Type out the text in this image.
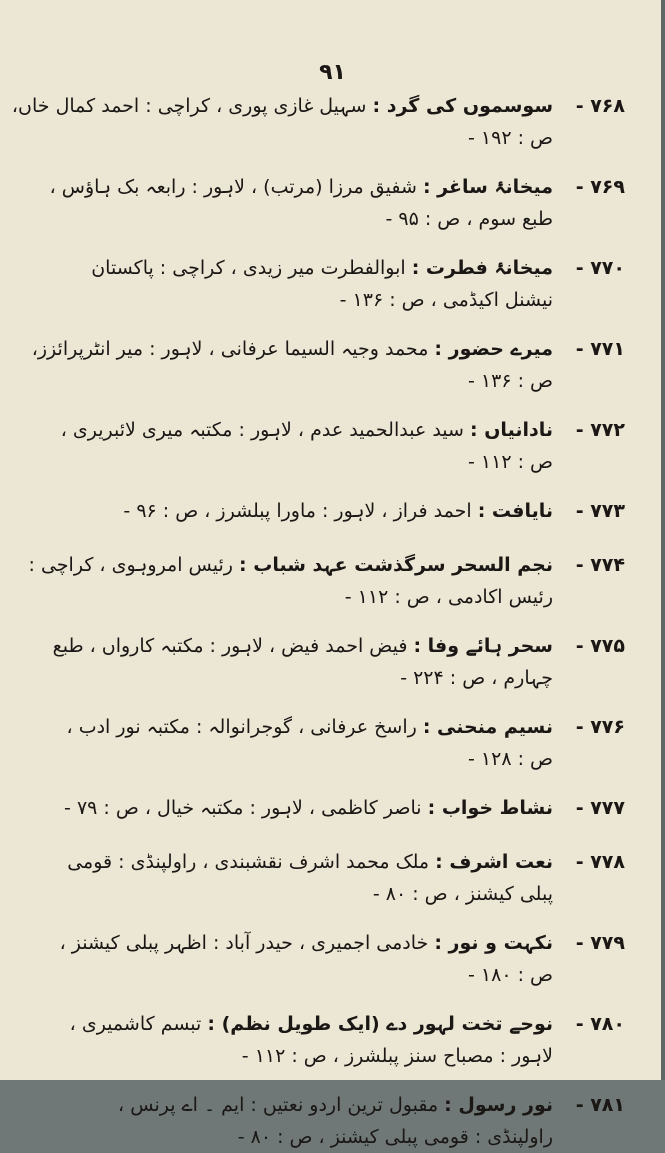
۹۱
۷۶۸ -
سوسموں کی گرد : سہیل غازی پوری ، کراچی : احمد کمال خاں،
ص : ۱۹۲ -
۷۶۹ -
میخانۂ ساغر : شفیق مرزا (مرتب) ، لاہور : رابعہ بک ہاؤس ،
طبع سوم ، ص : ۹۵ -
۷۷۰ -
میخانۂ فطرت : ابوالفطرت میر زیدی ، کراچی : پاکستان
نیشنل اکیڈمی ، ص : ۱۳۶ -
۷۷۱ -
میرے حضور : محمد وجیہ السیما عرفانی ، لاہور : میر انٹرپرائزز،
ص : ۱۳۶ -
۷۷۲ -
نادانیاں : سید عبدالحمید عدم ، لاہور : مکتبہ میری لائبریری ،
ص : ۱۱۲ -
۷۷۳ -
نایافت : احمد فراز ، لاہور : ماورا پبلشرز ، ص : ۹۶ -
۷۷۴ -
نجم السحر سرگذشت عہد شباب : رئیس امروہوی ، کراچی :
رئیس اکادمی ، ص : ۱۱۲ -
۷۷۵ -
سحر ہائے وفا : فیض احمد فیض ، لاہور : مکتبہ کارواں ، طبع
چہارم ، ص : ۲۲۴ -
۷۷۶ -
نسیم منحنی : راسخ عرفانی ، گوجرانوالہ : مکتبہ نور ادب ،
ص : ۱۲۸ -
۷۷۷ -
نشاط خواب : ناصر کاظمی ، لاہور : مکتبہ خیال ، ص : ۷۹ -
۷۷۸ -
نعت اشرف : ملک محمد اشرف نقشبندی ، راولپنڈی : قومی
پبلی کیشنز ، ص : ۸۰ -
۷۷۹ -
نکہت و نور : خادمی اجمیری ، حیدر آباد : اظہر پبلی کیشنز ،
ص : ۱۸۰ -
۷۸۰ -
نوحے تخت لہور دے (ایک طویل نظم) : تبسم کاشمیری ،
لاہور : مصباح سنز پبلشرز ، ص : ۱۱۲ -
۷۸۱ -
نور رسول : مقبول ترین اردو نعتیں : ایم ۔ اے پرنس ،
راولپنڈی : قومی پبلی کیشنز ، ص : ۸۰ -
